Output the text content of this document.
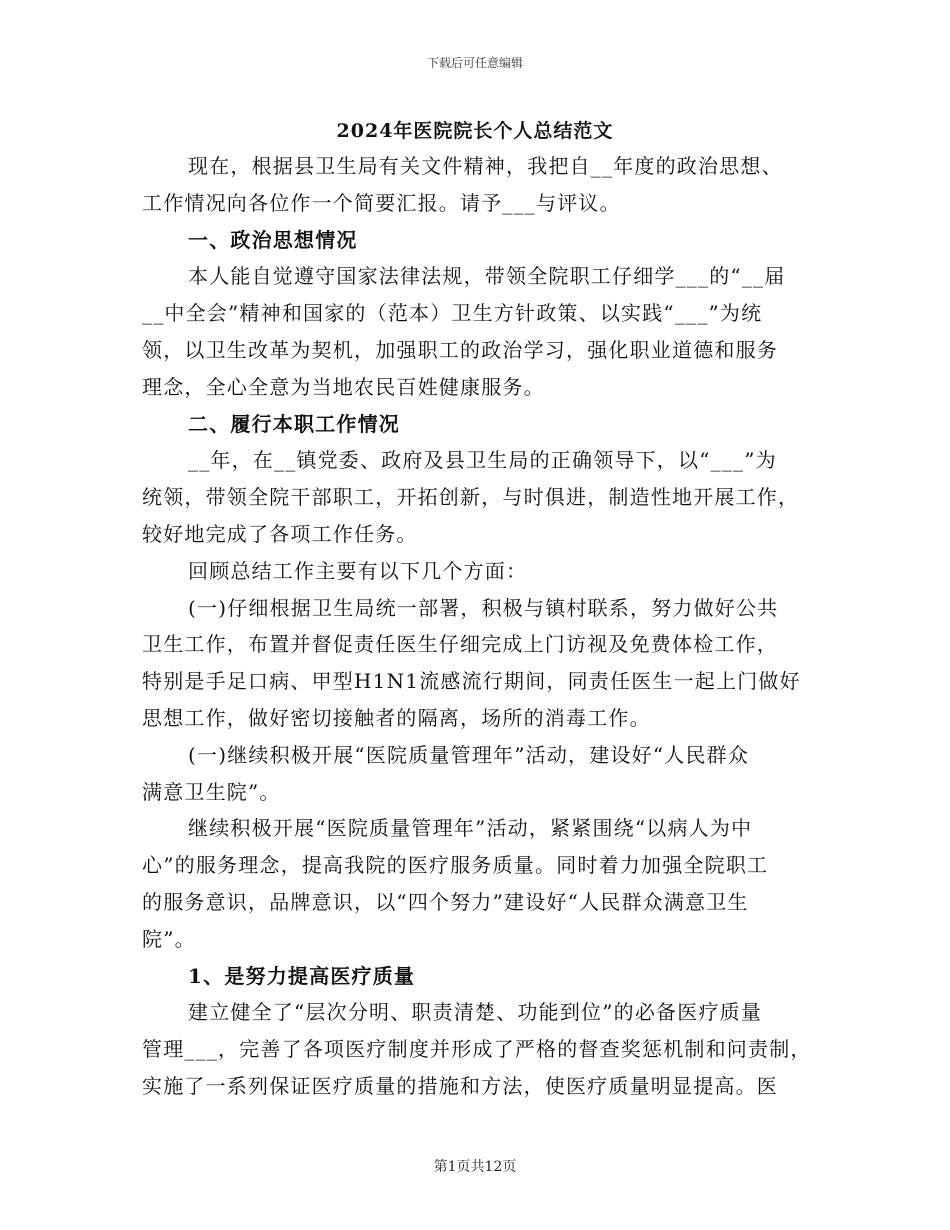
下载后可任意编辑
2024年医院院长个人总结范文
现在，根据县卫生局有关文件精神，我把自__年度的政治思想、
工作情况向各位作一个简要汇报。请予___与评议。
一、政治思想情况
本人能自觉遵守国家法律法规，带领全院职工仔细学___的“__届
__中全会”精神和国家的（范本）卫生方针政策、以实践“___”为统
领，以卫生改革为契机，加强职工的政治学习，强化职业道德和服务
理念，全心全意为当地农民百姓健康服务。
二、履行本职工作情况
__年，在__镇党委、政府及县卫生局的正确领导下，以“___”为
统领，带领全院干部职工，开拓创新，与时俱进，制造性地开展工作，
较好地完成了各项工作任务。
回顾总结工作主要有以下几个方面：
(一)仔细根据卫生局统一部署，积极与镇村联系，努力做好公共
卫生工作，布置并督促责任医生仔细完成上门访视及免费体检工作，
特别是手足口病、甲型H1N1流感流行期间，同责任医生一起上门做好
思想工作，做好密切接触者的隔离，场所的消毒工作。
(一)继续积极开展“医院质量管理年”活动，建设好“人民群众
满意卫生院”。
继续积极开展“医院质量管理年”活动，紧紧围绕“以病人为中
心”的服务理念，提高我院的医疗服务质量。同时着力加强全院职工
的服务意识，品牌意识，以“四个努力”建设好“人民群众满意卫生
院”。
1、是努力提高医疗质量
建立健全了“层次分明、职责清楚、功能到位”的必备医疗质量
管理___，完善了各项医疗制度并形成了严格的督查奖惩机制和问责制，
实施了一系列保证医疗质量的措施和方法，使医疗质量明显提高。医
第1页共12页
